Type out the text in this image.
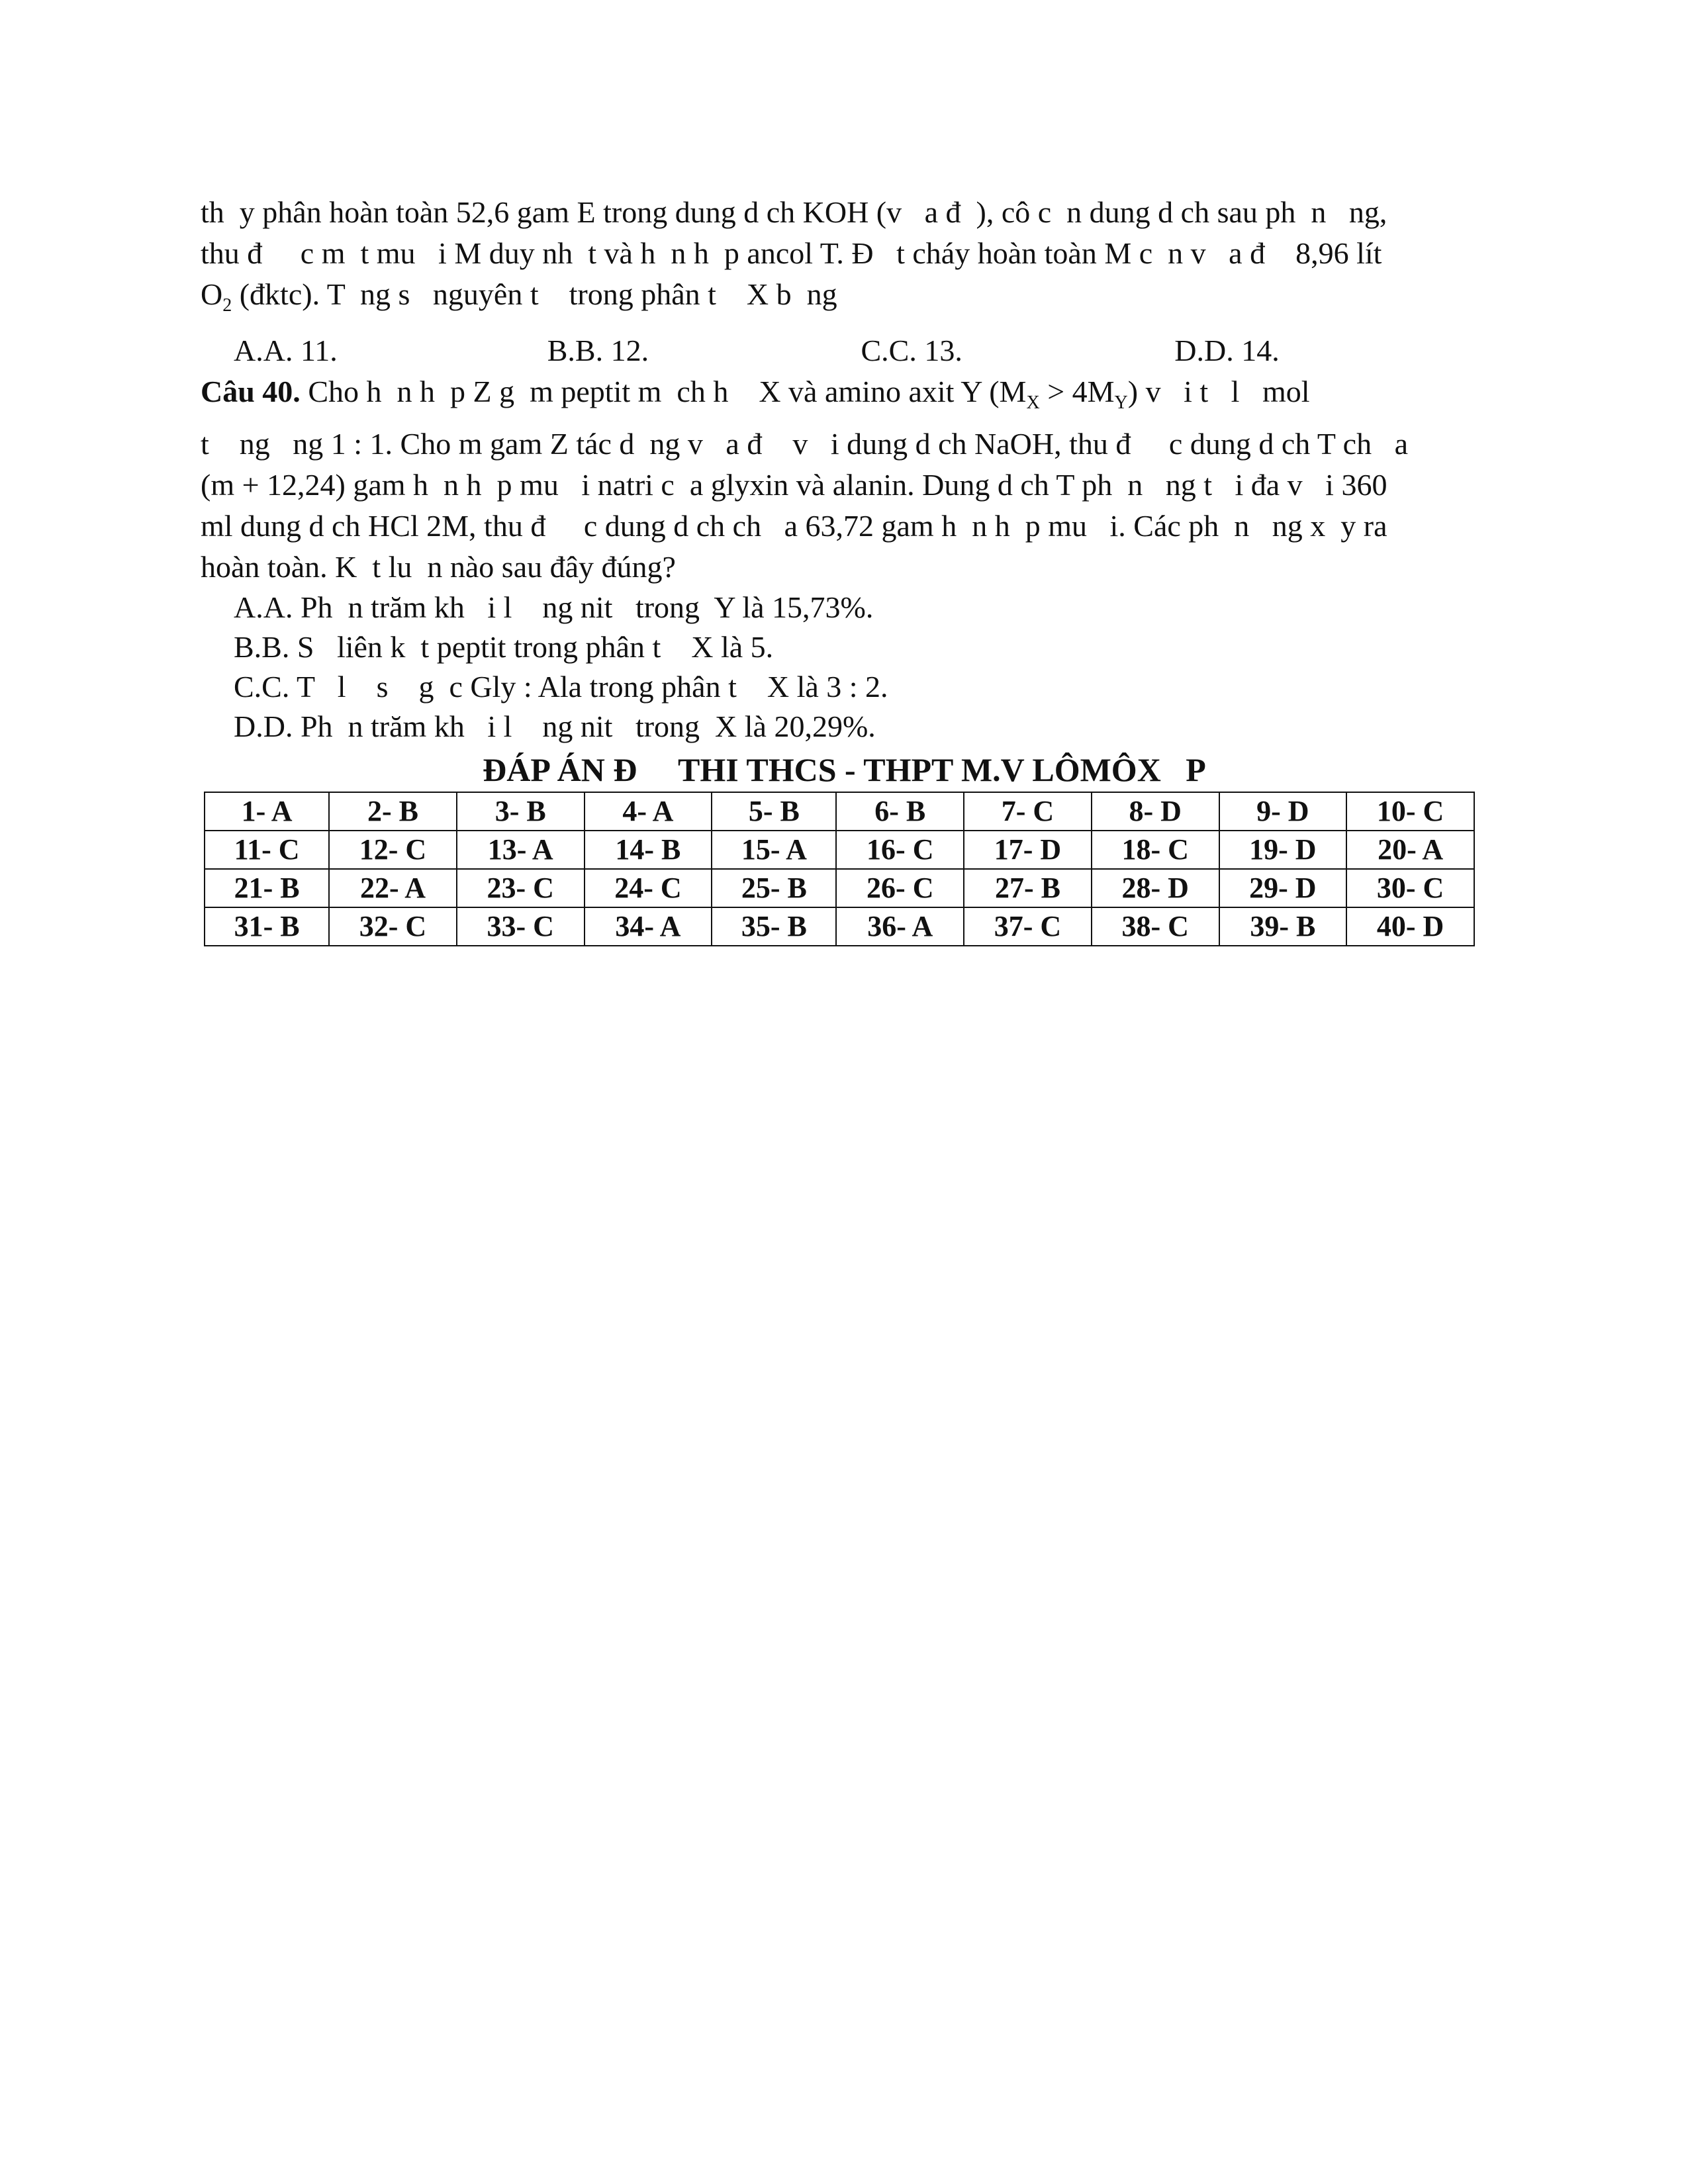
th  y phân hoàn toàn 52,6 gam E trong dung d ch KOH (v   a đ  ), cô c  n dung d ch sau ph  n   ng,
thu đ     c m  t mu   i M duy nh  t và h  n h  p ancol T. Đ   t cháy hoàn toàn M c  n v   a đ    8,96 lít
$O_2$ (đktc). T  ng s   nguyên t    trong phân t    X b  ng
A.A. 11.	B.B. 12.	C.C. 13.	D.D. 14.
Câu 40. Cho h  n h  p Z g  m peptit m  ch h    X và amino axit Y $(M_X > 4M_Y)$ v   i t   l   mol
t    ng   ng 1 : 1. Cho m gam Z tác d  ng v   a đ    v   i dung d ch NaOH, thu đ     c dung d ch T ch   a
(m + 12,24) gam h  n h  p mu   i natri c  a glyxin và alanin. Dung d ch T ph  n   ng t   i đa v   i 360
ml dung d ch HCl 2M, thu đ     c dung d ch ch   a 63,72 gam h  n h  p mu   i. Các ph  n   ng x  y ra
hoàn toàn. K  t lu  n nào sau đây đúng?
A.A. Ph  n trăm kh   i l    ng nit   trong  Y là 15,73%.
B.B. S   liên k  t peptit trong phân t    X là 5.
C.C. T   l    s    g  c Gly : Ala trong phân t    X là 3 : 2.
D.D. Ph  n trăm kh   i l    ng nit   trong  X là 20,29%.
ĐÁP ÁN Đ     THI THCS - THPT M.V LÔMÔX   P
1- A	2- B	3- B	4- A	5- B	6- B	7- C	8- D	9- D	10- C
11- C	12- C	13- A	14- B	15- A	16- C	17- D	18- C	19- D	20- A
21- B	22- A	23- C	24- C	25- B	26- C	27- B	28- D	29- D	30- C
31- B	32- C	33- C	34- A	35- B	36- A	37- C	38- C	39- B	40- D
